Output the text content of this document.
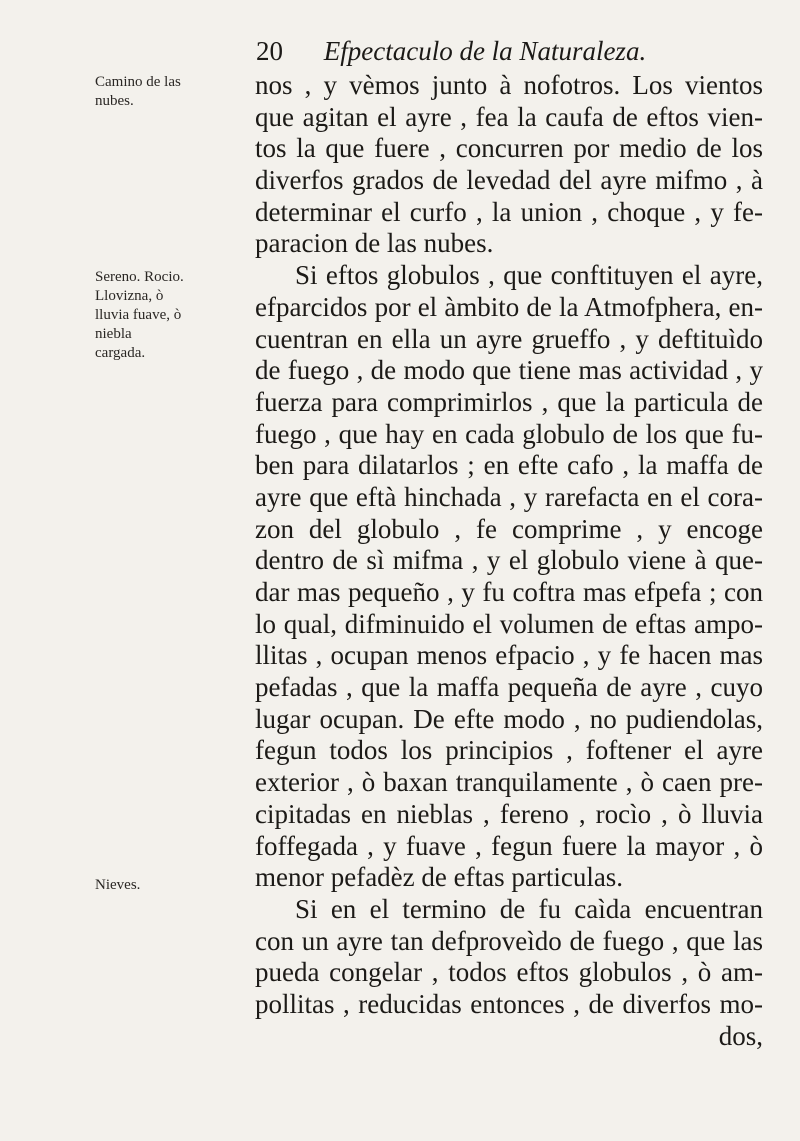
20 Efpectaculo de la Naturaleza.
Camino de las nubes.
Sereno. Rocio. Llovizna, ò lluvia fuave, ò niebla cargada.
Nieves.
nos , y vèmos junto à nofotros. Los vientos
que agitan el ayre , fea la caufa de eftos vien-
tos la que fuere , concurren por medio de los
diverfos grados de levedad del ayre mifmo , à
determinar el curfo , la union , choque , y fe-
paracion de las nubes.
Si eftos globulos , que conftituyen el ayre,
efparcidos por el àmbito de la Atmofphera, en-
cuentran en ella un ayre grueffo , y deftituìdo
de fuego , de modo que tiene mas actividad , y
fuerza para comprimirlos , que la particula de
fuego , que hay en cada globulo de los que fu-
ben para dilatarlos ; en efte cafo , la maffa de
ayre que eftà hinchada , y rarefacta en el cora-
zon del globulo , fe comprime , y encoge
dentro de sì mifma , y el globulo viene à que-
dar mas pequeño , y fu coftra mas efpefa ; con
lo qual, difminuido el volumen de eftas ampo-
llitas , ocupan menos efpacio , y fe hacen mas
pefadas , que la maffa pequeña de ayre , cuyo
lugar ocupan. De efte modo , no pudiendolas,
fegun todos los principios , foftener el ayre
exterior , ò baxan tranquilamente , ò caen pre-
cipitadas en nieblas , fereno , rocìo , ò lluvia
foffegada , y fuave , fegun fuere la mayor , ò
menor pefadèz de eftas particulas.
Si en el termino de fu caìda encuentran
con un ayre tan defproveìdo de fuego , que las
pueda congelar , todos eftos globulos , ò am-
pollitas , reducidas entonces , de diverfos mo-
dos,
